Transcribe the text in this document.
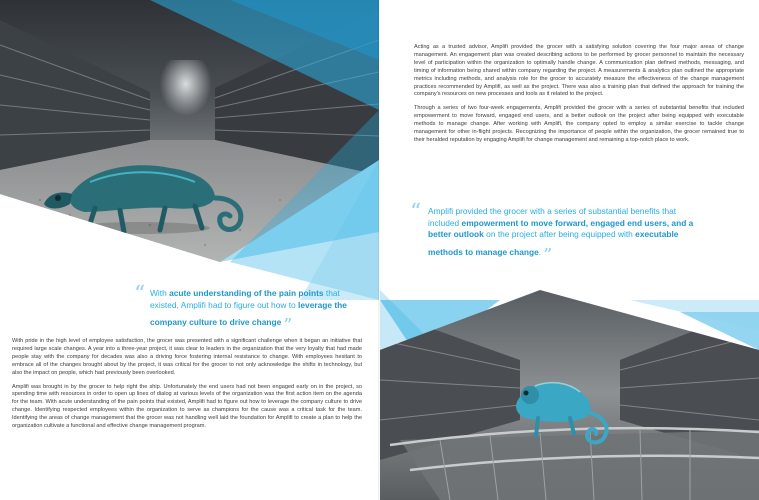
“ With acute understanding of the pain points that existed, Amplifi had to figure out how to leverage the company culture to drive change ”

With pride in the high level of employee satisfaction, the grocer was presented with a significant challenge when it began an initiative that required large scale changes. A year into a three-year project, it was clear to leaders in the organization that the very loyalty that had made people stay with the company for decades was also a driving force fostering internal resistance to change. With employees hesitant to embrace all of the changes brought about by the project, it was critical for the grocer to not only acknowledge the shifts in technology, but also the impact on people, which had previously been overlooked.

Amplifi was brought in by the grocer to help right the ship. Unfortunately the end users had not been engaged early on in the project, so spending time with resources in order to open up lines of dialog at various levels of the organization was the first action item on the agenda for the team. With acute understanding of the pain points that existed, Amplifi had to figure out how to leverage the company culture to drive change. Identifying respected employees within the organization to serve as champions for the cause was a critical task for the team. Identifying the areas of change management that the grocer was not handling well laid the foundation for Amplifi to create a plan to help the organization cultivate a functional and effective change management program.

Acting as a trusted advisor, Amplifi provided the grocer with a satisfying solution covering the four major areas of change management. An engagement plan was created describing actions to be performed by grocer personnel to maintain the necessary level of participation within the organization to optimally handle change. A communication plan defined methods, messaging, and timing of information being shared within company regarding the project. A measurements & analytics plan outlined the appropriate metrics including methods, and analysis role for the grocer to accurately measure the effectiveness of the change management practices recommended by Amplifi, as well as the project. There was also a training plan that defined the approach for training the company's resources on new processes and tools as it related to the project.

Through a series of two four-week engagements, Amplifi provided the grocer with a series of substantial benefits that included empowerment to move forward, engaged end users, and a better outlook on the project after being equipped with executable methods to manage change. After working with Amplifi, the company opted to employ a similar exercise to tackle change management for other in-flight projects. Recognizing the importance of people within the organization, the grocer remained true to their heralded reputation by engaging Amplifi for change management and remaining a top-notch place to work.

“ Amplifi provided the grocer with a series of substantial benefits that included empowerment to move forward, engaged end users, and a better outlook on the project after being equipped with executable methods to manage change. ”
